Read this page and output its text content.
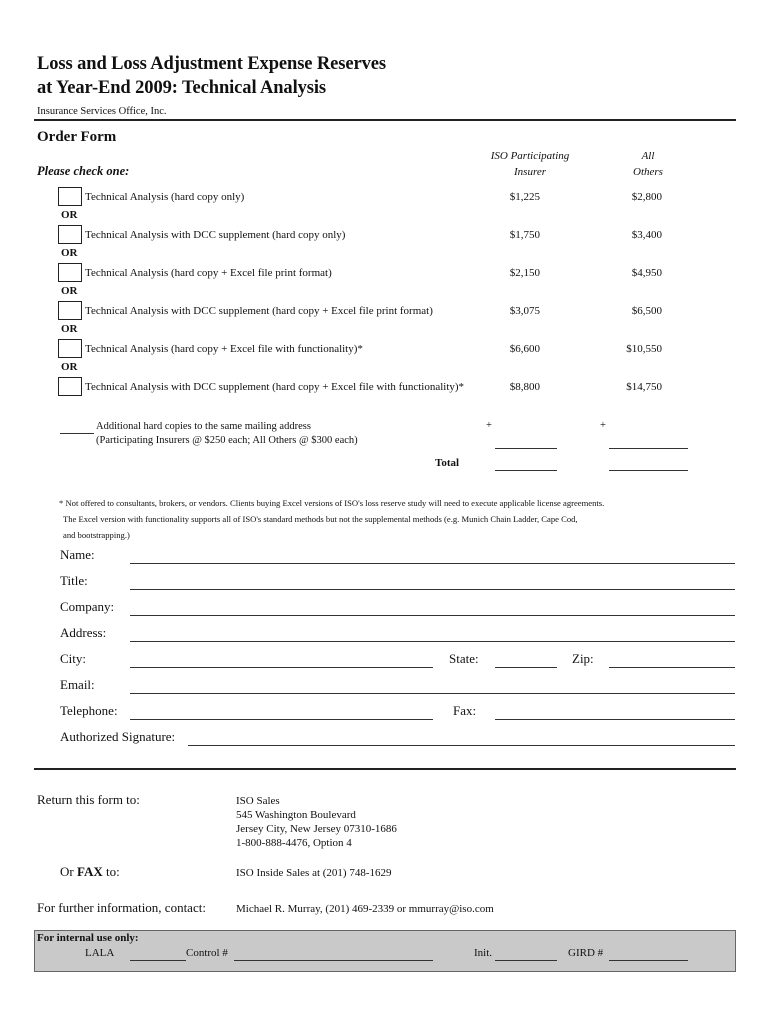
Loss and Loss Adjustment Expense Reserves
at Year-End 2009: Technical Analysis
Insurance Services Office, Inc.
Order Form
Please check one:
ISO Participating
Insurer
All
Others
Technical Analysis (hard copy only)	$1,225	$2,800
OR
Technical Analysis with DCC supplement (hard copy only)	$1,750	$3,400
OR
Technical Analysis (hard copy + Excel file print format)	$2,150	$4,950
OR
Technical Analysis with DCC supplement (hard copy + Excel file print format)	$3,075	$6,500
OR
Technical Analysis (hard copy + Excel file with functionality)*	$6,600	$10,550
OR
Technical Analysis with DCC supplement (hard copy + Excel file with functionality)*	$8,800	$14,750
Additional hard copies to the same mailing address
(Participating Insurers @ $250 each; All Others @ $300 each)
+	+
Total
* Not offered to consultants, brokers, or vendors. Clients buying Excel versions of ISO's loss reserve study will need to execute applicable license agreements.
The Excel version with functionality supports all of ISO's standard methods but not the supplemental methods (e.g. Munich Chain Ladder, Cape Cod,
and bootstrapping.)
Name:
Title:
Company:
Address:
City:	State:	Zip:
Email:
Telephone:	Fax:
Authorized Signature:
Return this form to:	ISO Sales
545 Washington Boulevard
Jersey City, New Jersey 07310-1686
1-800-888-4476, Option 4
Or FAX to:	ISO Inside Sales at (201) 748-1629
For further information, contact:	Michael R. Murray, (201) 469-2339 or mmurray@iso.com
For internal use only:
LALA	Control #	Init.	GIRD #
